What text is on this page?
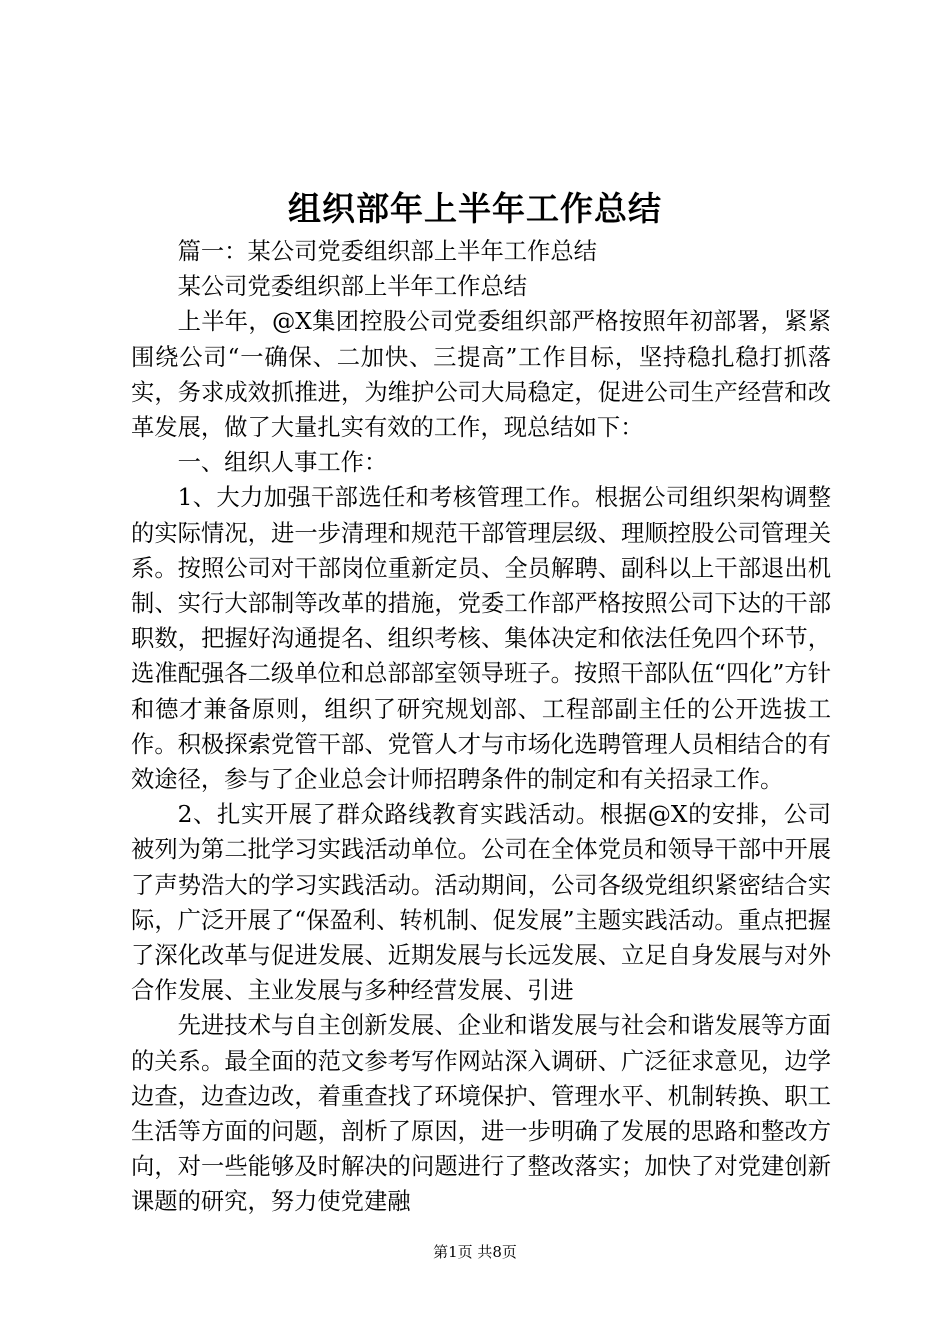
组织部年上半年工作总结

篇一：某公司党委组织部上半年工作总结

某公司党委组织部上半年工作总结

上半年，@X集团控股公司党委组织部严格按照年初部署，紧紧围绕公司“一确保、二加快、三提高”工作目标，坚持稳扎稳打抓落实，务求成效抓推进，为维护公司大局稳定，促进公司生产经营和改革发展，做了大量扎实有效的工作，现总结如下：

一、组织人事工作：

1、大力加强干部选任和考核管理工作。根据公司组织架构调整的实际情况，进一步清理和规范干部管理层级、理顺控股公司管理关系。按照公司对干部岗位重新定员、全员解聘、副科以上干部退出机制、实行大部制等改革的措施，党委工作部严格按照公司下达的干部职数，把握好沟通提名、组织考核、集体决定和依法任免四个环节，选准配强各二级单位和总部部室领导班子。按照干部队伍“四化”方针和德才兼备原则，组织了研究规划部、工程部副主任的公开选拔工作。积极探索党管干部、党管人才与市场化选聘管理人员相结合的有效途径，参与了企业总会计师招聘条件的制定和有关招录工作。

2、扎实开展了群众路线教育实践活动。根据@X的安排，公司被列为第二批学习实践活动单位。公司在全体党员和领导干部中开展了声势浩大的学习实践活动。活动期间，公司各级党组织紧密结合实际，广泛开展了“保盈利、转机制、促发展”主题实践活动。重点把握了深化改革与促进发展、近期发展与长远发展、立足自身发展与对外合作发展、主业发展与多种经营发展、引进

先进技术与自主创新发展、企业和谐发展与社会和谐发展等方面的关系。最全面的范文参考写作网站深入调研、广泛征求意见，边学边查，边查边改，着重查找了环境保护、管理水平、机制转换、职工生活等方面的问题，剖析了原因，进一步明确了发展的思路和整改方向，对一些能够及时解决的问题进行了整改落实；加快了对党建创新课题的研究，努力使党建融

第1页 共8页
